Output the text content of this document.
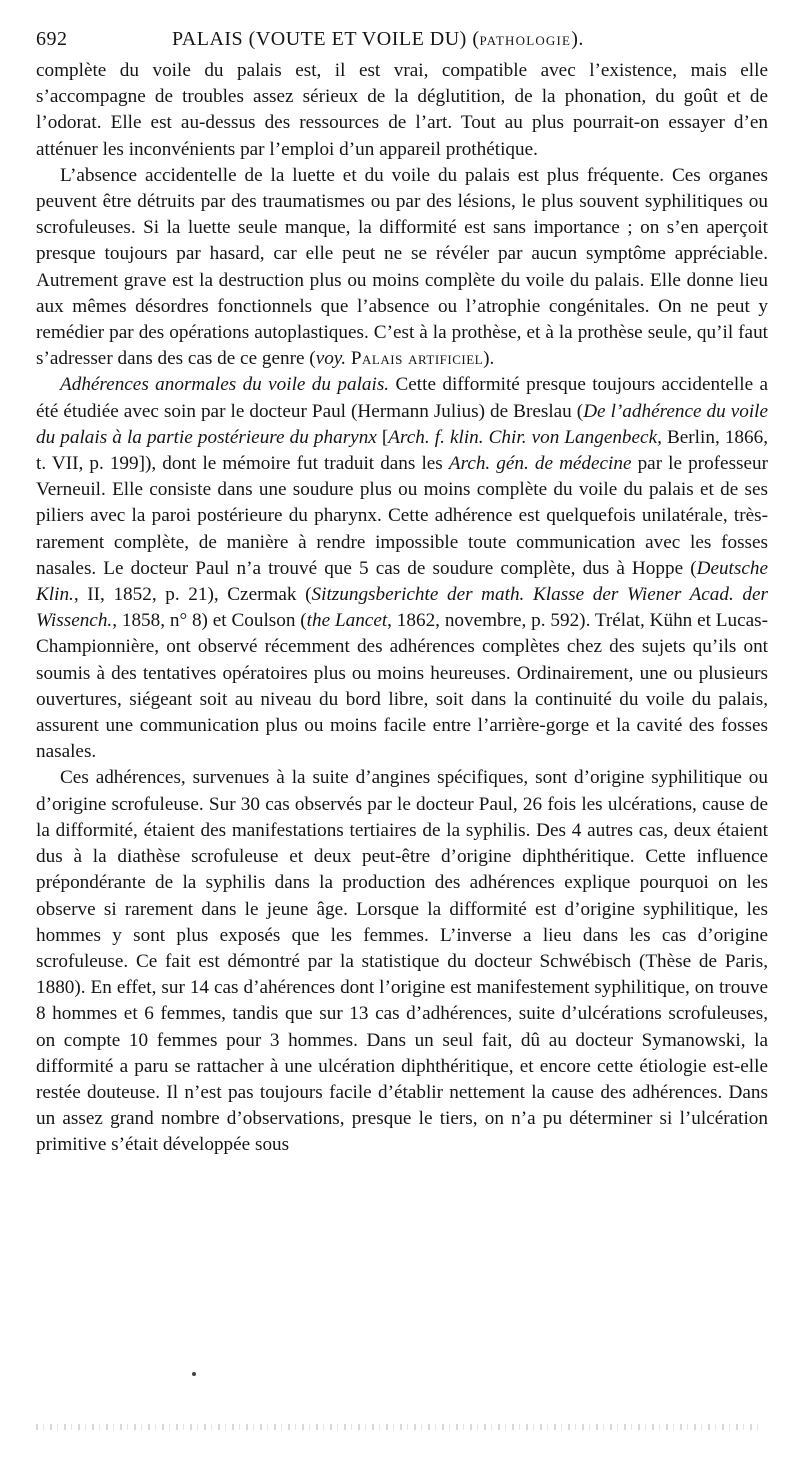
692	PALAIS (VOUTE ET VOILE DU) (PATHOLOGIE).

complète du voile du palais est, il est vrai, compatible avec l’existence, mais elle s’accompagne de troubles assez sérieux de la déglutition, de la phonation, du goût et de l’odorat. Elle est au-dessus des ressources de l’art. Tout au plus pourrait-on essayer d’en atténuer les inconvénients par l’emploi d’un appareil prothétique.

L’absence accidentelle de la luette et du voile du palais est plus fréquente. Ces organes peuvent être détruits par des traumatismes ou par des lésions, le plus souvent syphilitiques ou scrofuleuses. Si la luette seule manque, la difformité est sans importance ; on s’en aperçoit presque toujours par hasard, car elle peut ne se révéler par aucun symptôme appréciable. Autrement grave est la destruction plus ou moins complète du voile du palais. Elle donne lieu aux mêmes désordres fonctionnels que l’absence ou l’atrophie congénitales. On ne peut y remédier par des opérations autoplastiques. C’est à la prothèse, et à la prothèse seule, qu’il faut s’adresser dans des cas de ce genre (voy. Palais artificiel).

Adhérences anormales du voile du palais. Cette difformité presque toujours accidentelle a été étudiée avec soin par le docteur Paul (Hermann Julius) de Breslau (De l’adhérence du voile du palais à la partie postérieure du pharynx [Arch. f. klin. Chir. von Langenbeck, Berlin, 1866, t. VII, p. 199]), dont le mémoire fut traduit dans les Arch. gén. de médecine par le professeur Verneuil. Elle consiste dans une soudure plus ou moins complète du voile du palais et de ses piliers avec la paroi postérieure du pharynx. Cette adhérence est quelquefois unilatérale, très-rarement complète, de manière à rendre impossible toute communication avec les fosses nasales. Le docteur Paul n’a trouvé que 5 cas de soudure complète, dus à Hoppe (Deutsche Klin., II, 1852, p. 21), Czermak (Sitzungsberichte der math. Klasse der Wiener Acad. der Wissench., 1858, n° 8) et Coulson (the Lancet, 1862, novembre, p. 592). Trélat, Kühn et Lucas-Championnière, ont observé récemment des adhérences complètes chez des sujets qu’ils ont soumis à des tentatives opératoires plus ou moins heureuses. Ordinairement, une ou plusieurs ouvertures, siégeant soit au niveau du bord libre, soit dans la continuité du voile du palais, assurent une communication plus ou moins facile entre l’arrière-gorge et la cavité des fosses nasales.

Ces adhérences, survenues à la suite d’angines spécifiques, sont d’origine syphilitique ou d’origine scrofuleuse. Sur 30 cas observés par le docteur Paul, 26 fois les ulcérations, cause de la difformité, étaient des manifestations tertiaires de la syphilis. Des 4 autres cas, deux étaient dus à la diathèse scrofuleuse et deux peut-être d’origine diphthéritique. Cette influence prépondérante de la syphilis dans la production des adhérences explique pourquoi on les observe si rarement dans le jeune âge. Lorsque la difformité est d’origine syphilitique, les hommes y sont plus exposés que les femmes. L’inverse a lieu dans les cas d’origine scrofuleuse. Ce fait est démontré par la statistique du docteur Schwébisch (Thèse de Paris, 1880). En effet, sur 14 cas d’ahérences dont l’origine est manifestement syphilitique, on trouve 8 hommes et 6 femmes, tandis que sur 13 cas d’adhérences, suite d’ulcérations scrofuleuses, on compte 10 femmes pour 3 hommes. Dans un seul fait, dû au docteur Symanowski, la difformité a paru se rattacher à une ulcération diphthéritique, et encore cette étiologie est-elle restée douteuse. Il n’est pas toujours facile d’établir nettement la cause des adhérences. Dans un assez grand nombre d’observations, presque le tiers, on n’a pu déterminer si l’ulcération primitive s’était développée sous
